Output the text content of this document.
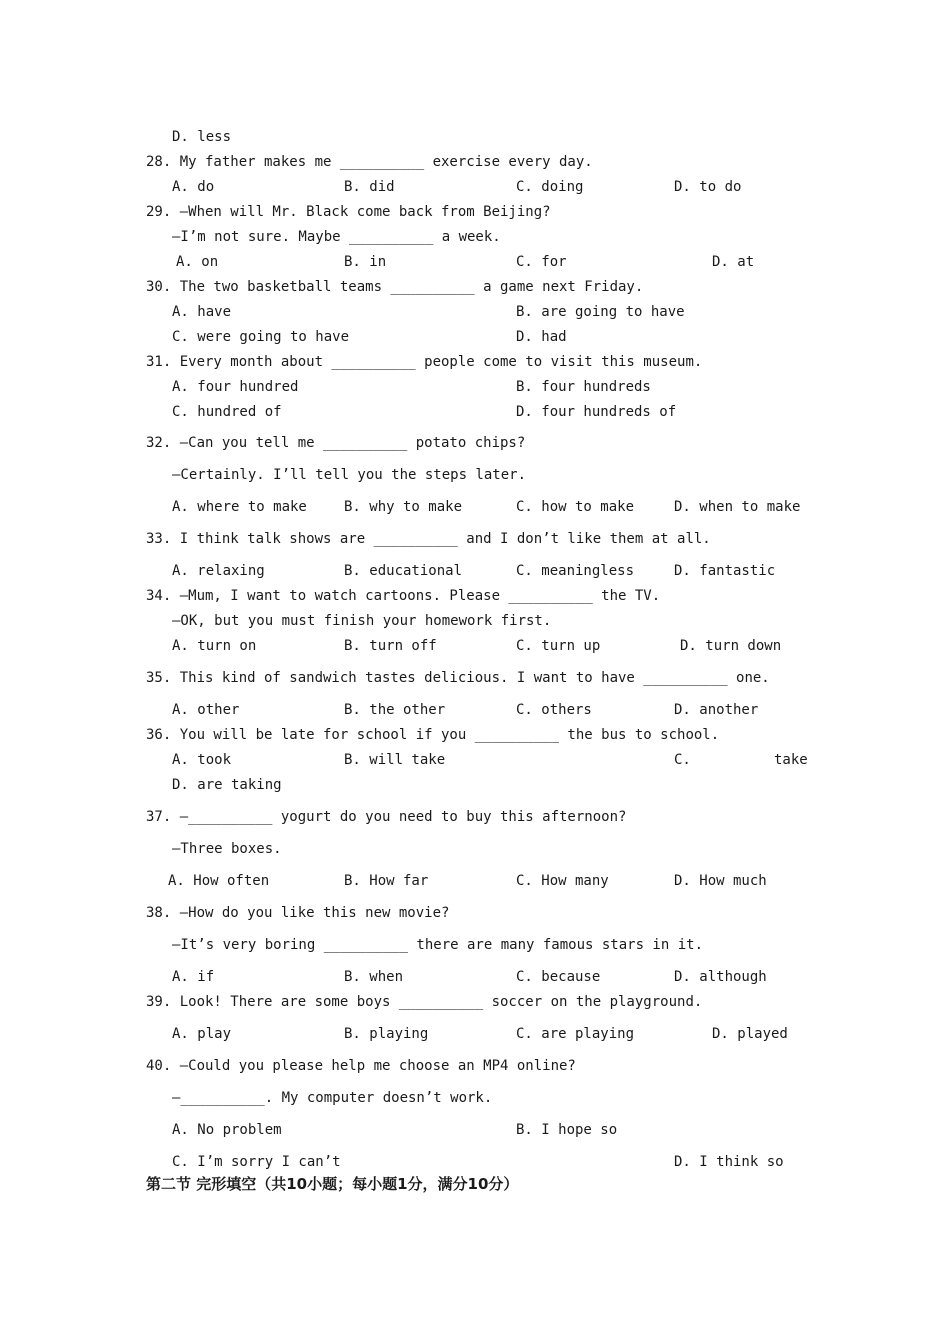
D. less
28. My father makes me __________ exercise every day.
A. do	B. did	C. doing	D. to do
29. —When will Mr. Black come back from Beijing?
—I’m not sure. Maybe __________ a week.
A. on	B. in	C. for	D. at
30. The two basketball teams __________ a game next Friday.
A. have	B. are going to have
C. were going to have	D. had
31. Every month about __________ people come to visit this museum.
A. four hundred	B. four hundreds
C. hundred of	D. four hundreds of
32. —Can you tell me __________ potato chips?
—Certainly. I’ll tell you the steps later.
A. where to make	B. why to make	C. how to make	D. when to make
33. I think talk shows are __________ and I don’t like them at all.
A. relaxing	B. educational	C. meaningless	D. fantastic
34. —Mum, I want to watch cartoons. Please __________ the TV.
—OK, but you must finish your homework first.
A. turn on	B. turn off	C. turn up	D. turn down
35. This kind of sandwich tastes delicious. I want to have __________ one.
A. other	B. the other	C. others	D. another
36. You will be late for school if you __________ the bus to school.
A. took	B. will take	C.	take
D. are taking
37. —__________ yogurt do you need to buy this afternoon?
—Three boxes.
A. How often	B. How far	C. How many	D. How much
38. —How do you like this new movie?
—It’s very boring __________ there are many famous stars in it.
A. if	B. when	C. because	D. although
39. Look! There are some boys __________ soccer on the playground.
A. play	B. playing	C. are playing	D. played
40. —Could you please help me choose an MP4 online?
—__________. My computer doesn’t work.
A. No problem	B. I hope so
C. I’m sorry I can’t	D. I think so
第二节 完形填空（共10小题；每小题1分，满分10分）
